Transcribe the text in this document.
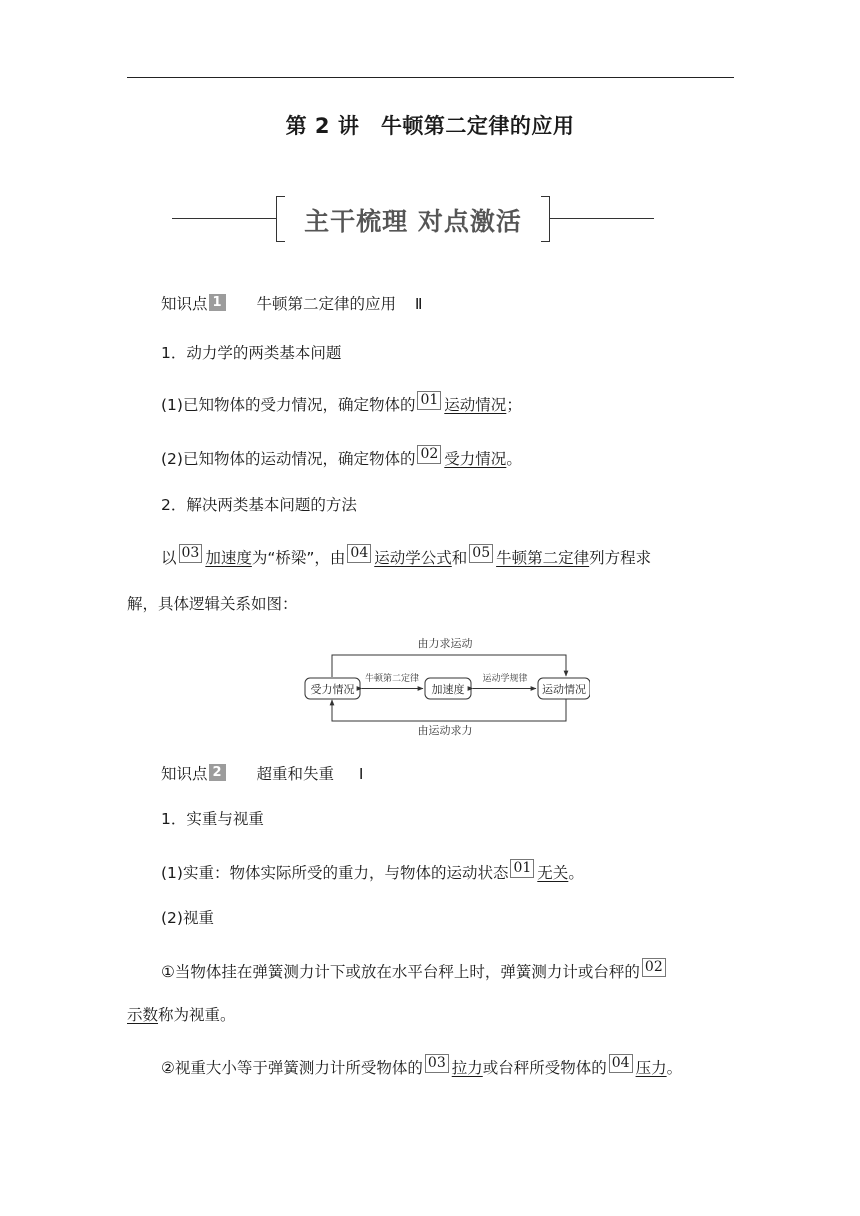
第 2 讲　牛顿第二定律的应用
主干梳理 对点激活
知识点 1 牛顿第二定律的应用 Ⅱ
1．动力学的两类基本问题
(1)已知物体的受力情况，确定物体的 01 运动情况；
(2)已知物体的运动情况，确定物体的 02 受力情况。
2．解决两类基本问题的方法
以 03 加速度为“桥梁”，由 04 运动学公式和 05 牛顿第二定律列方程求
解，具体逻辑关系如图：
由力求运动
由运动求力
受力情况	加速度	运动情况
牛顿第二定律	运动学规律
知识点 2 超重和失重 Ⅰ
1．实重与视重
(1)实重：物体实际所受的重力，与物体的运动状态 01 无关。
(2)视重
①当物体挂在弹簧测力计下或放在水平台秤上时，弹簧测力计或台秤的 02
示数称为视重。
②视重大小等于弹簧测力计所受物体的 03 拉力或台秤所受物体的 04 压力。
